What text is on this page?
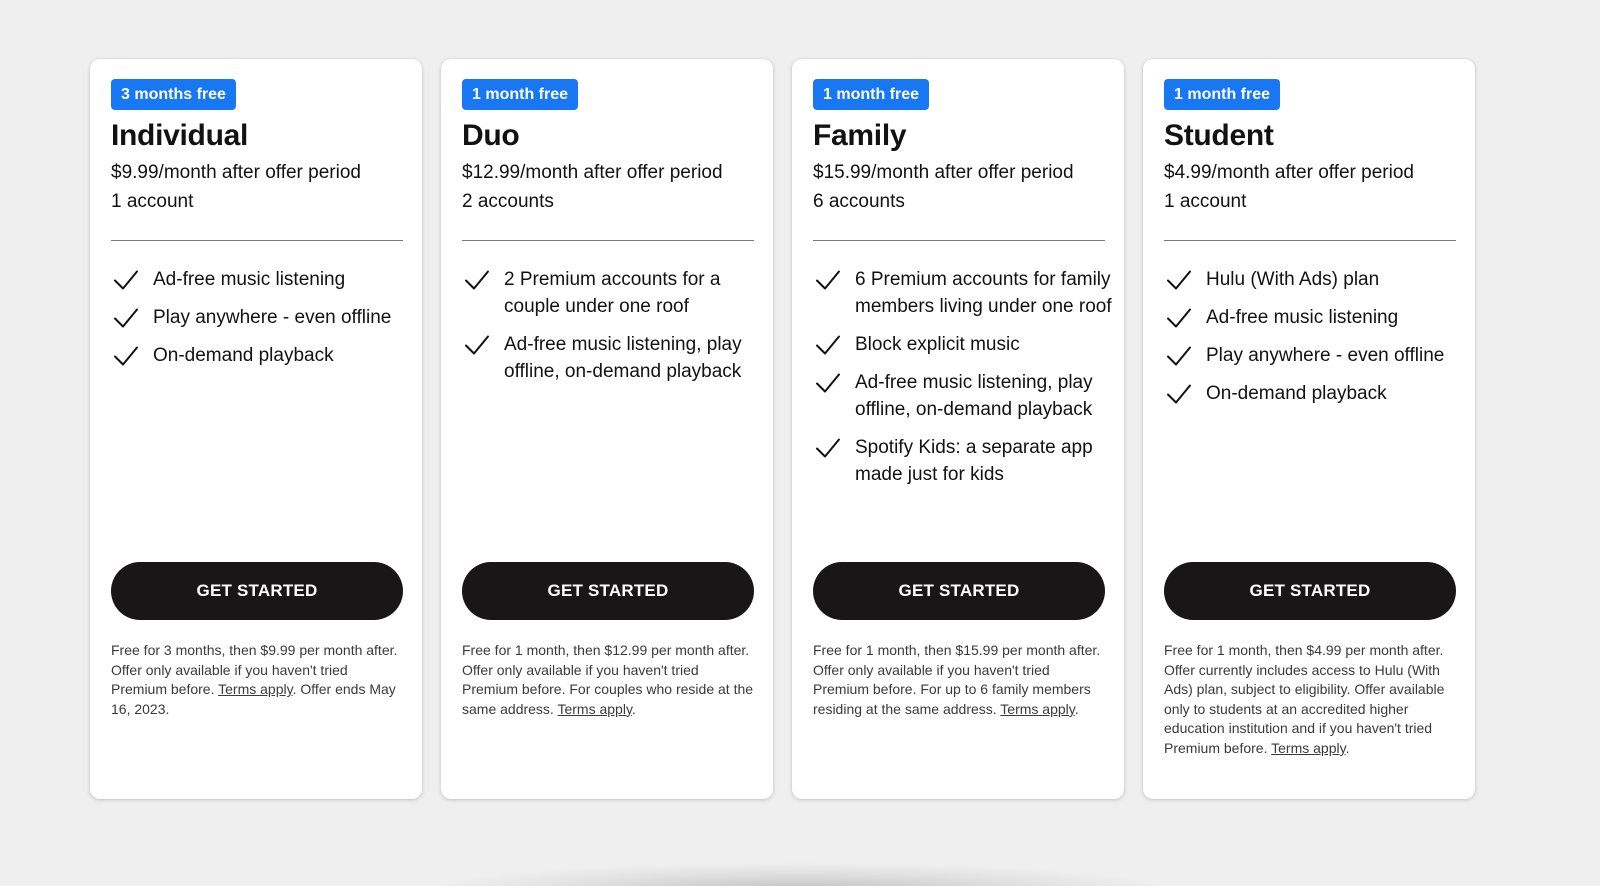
3 months free
Individual
$9.99/month after offer period
1 account
Ad-free music listening
Play anywhere - even offline
On-demand playback
GET STARTED

Free for 3 months, then $9.99 per month after. Offer only available if you haven't tried Premium before. Terms apply. Offer ends May 16, 2023.

1 month free
Duo
$12.99/month after offer period
2 accounts
2 Premium accounts for a couple under one roof
Ad-free music listening, play offline, on-demand playback
GET STARTED

Free for 1 month, then $12.99 per month after. Offer only available if you haven't tried Premium before. For couples who reside at the same address. Terms apply.

1 month free
Family
$15.99/month after offer period
6 accounts
6 Premium accounts for family members living under one roof
Block explicit music
Ad-free music listening, play offline, on-demand playback
Spotify Kids: a separate app made just for kids
GET STARTED

Free for 1 month, then $15.99 per month after. Offer only available if you haven't tried Premium before. For up to 6 family members residing at the same address. Terms apply.

1 month free
Student
$4.99/month after offer period
1 account
Hulu (With Ads) plan
Ad-free music listening
Play anywhere - even offline
On-demand playback
GET STARTED

Free for 1 month, then $4.99 per month after. Offer currently includes access to Hulu (With Ads) plan, subject to eligibility. Offer available only to students at an accredited higher education institution and if you haven't tried Premium before. Terms apply.
